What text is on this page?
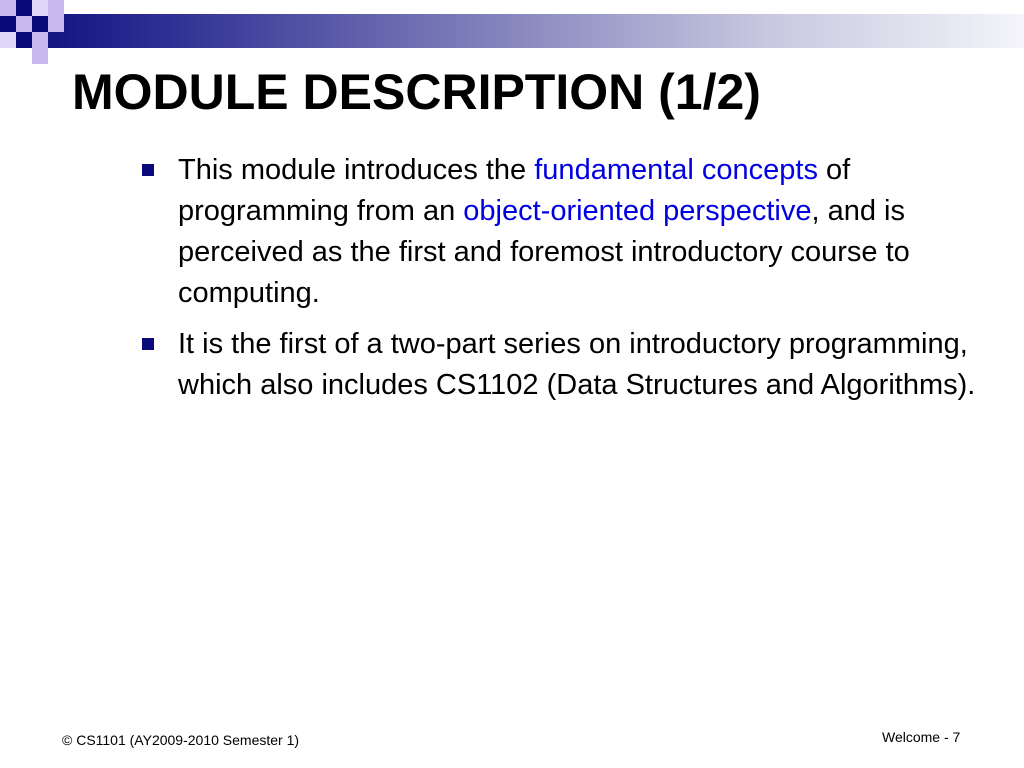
MODULE DESCRIPTION (1/2)
This module introduces the fundamental concepts of programming from an object-oriented perspective, and is perceived as the first and foremost introductory course to computing.
It is the first of a two-part series on introductory programming, which also includes CS1102 (Data Structures and Algorithms).
© CS1101 (AY2009-2010 Semester 1)	Welcome - 7
